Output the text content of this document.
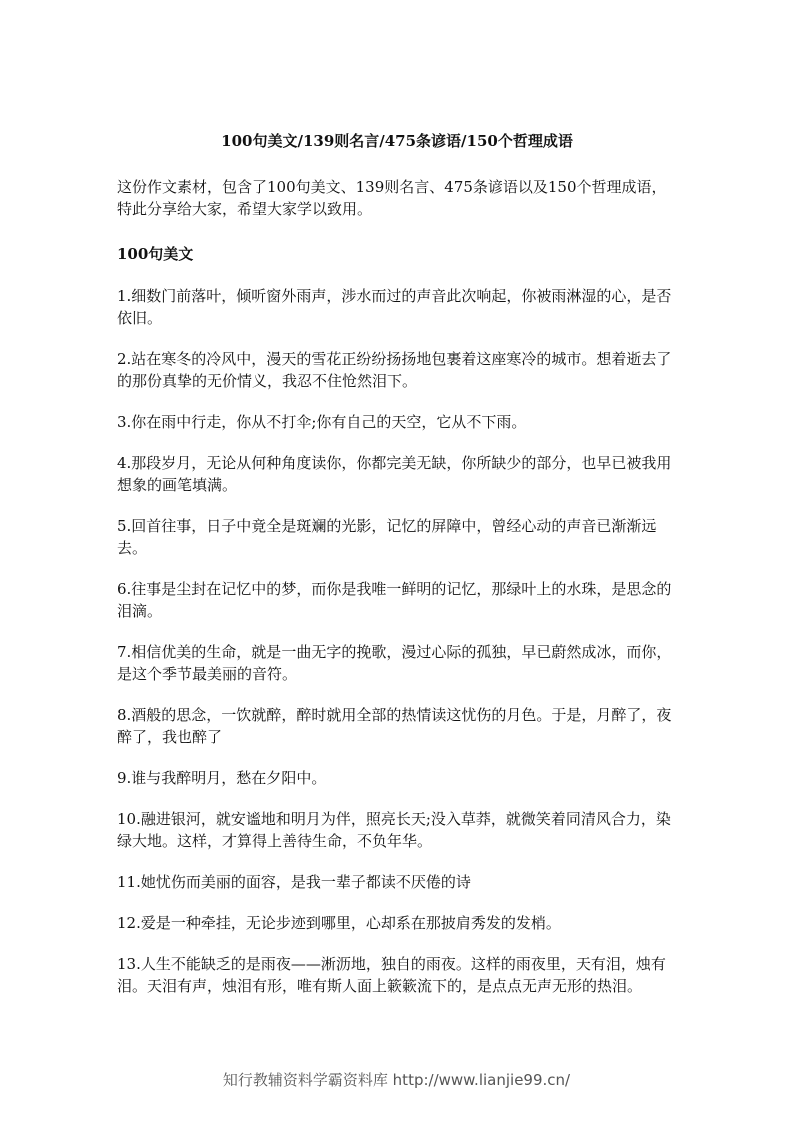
100句美文/139则名言/475条谚语/150个哲理成语
这份作文素材，包含了100句美文、139则名言、475条谚语以及150个哲理成语，特此分享给大家，希望大家学以致用。
100句美文
1.细数门前落叶，倾听窗外雨声，涉水而过的声音此次响起，你被雨淋湿的心，是否依旧。
2.站在寒冬的冷风中，漫天的雪花正纷纷扬扬地包裹着这座寒冷的城市。想着逝去了的那份真挚的无价情义，我忍不住怆然泪下。
3.你在雨中行走，你从不打伞;你有自己的天空，它从不下雨。
4.那段岁月，无论从何种角度读你，你都完美无缺，你所缺少的部分，也早已被我用想象的画笔填满。
5.回首往事，日子中竟全是斑斓的光影，记忆的屏障中，曾经心动的声音已渐渐远去。
6.往事是尘封在记忆中的梦，而你是我唯一鲜明的记忆，那绿叶上的水珠，是思念的泪滴。
7.相信优美的生命，就是一曲无字的挽歌，漫过心际的孤独，早已蔚然成冰，而你，是这个季节最美丽的音符。
8.酒般的思念，一饮就醉，醉时就用全部的热情读这忧伤的月色。于是，月醉了，夜醉了，我也醉了
9.谁与我醉明月，愁在夕阳中。
10.融进银河，就安谧地和明月为伴，照亮长天;没入草莽，就微笑着同清风合力，染绿大地。这样，才算得上善待生命，不负年华。
11.她忧伤而美丽的面容，是我一辈子都读不厌倦的诗
12.爱是一种牵挂，无论步迹到哪里，心却系在那披肩秀发的发梢。
13.人生不能缺乏的是雨夜——淅沥地，独自的雨夜。这样的雨夜里，天有泪，烛有泪。天泪有声，烛泪有形，唯有斯人面上簌簌流下的，是点点无声无形的热泪。
知行教辅资料学霸资料库 http://www.lianjie99.cn/
